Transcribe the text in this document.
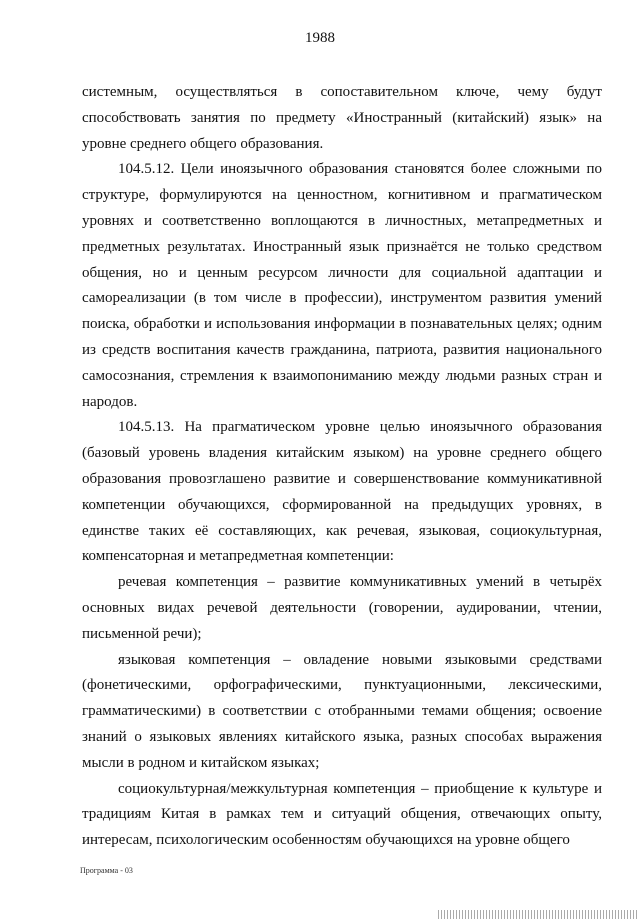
1988

системным, осуществляться в сопоставительном ключе, чему будут способствовать занятия по предмету «Иностранный (китайский) язык» на уровне среднего общего образования.

104.5.12. Цели иноязычного образования становятся более сложными по структуре, формулируются на ценностном, когнитивном и прагматическом уровнях и соответственно воплощаются в личностных, метапредметных и предметных результатах. Иностранный язык признаётся не только средством общения, но и ценным ресурсом личности для социальной адаптации и самореализации (в том числе в профессии), инструментом развития умений поиска, обработки и использования информации в познавательных целях; одним из средств воспитания качеств гражданина, патриота, развития национального самосознания, стремления к взаимопониманию между людьми разных стран и народов.

104.5.13. На прагматическом уровне целью иноязычного образования (базовый уровень владения китайским языком) на уровне среднего общего образования провозглашено развитие и совершенствование коммуникативной компетенции обучающихся, сформированной на предыдущих уровнях, в единстве таких её составляющих, как речевая, языковая, социокультурная, компенсаторная и метапредметная компетенции:

речевая компетенция – развитие коммуникативных умений в четырёх основных видах речевой деятельности (говорении, аудировании, чтении, письменной речи);

языковая компетенция – овладение новыми языковыми средствами (фонетическими, орфографическими, пунктуационными, лексическими, грамматическими) в соответствии с отобранными темами общения; освоение знаний о языковых явлениях китайского языка, разных способах выражения мысли в родном и китайском языках;

социокультурная/межкультурная компетенция – приобщение к культуре и традициям Китая в рамках тем и ситуаций общения, отвечающих опыту, интересам, психологическим особенностям обучающихся на уровне общего

Программа - 03
